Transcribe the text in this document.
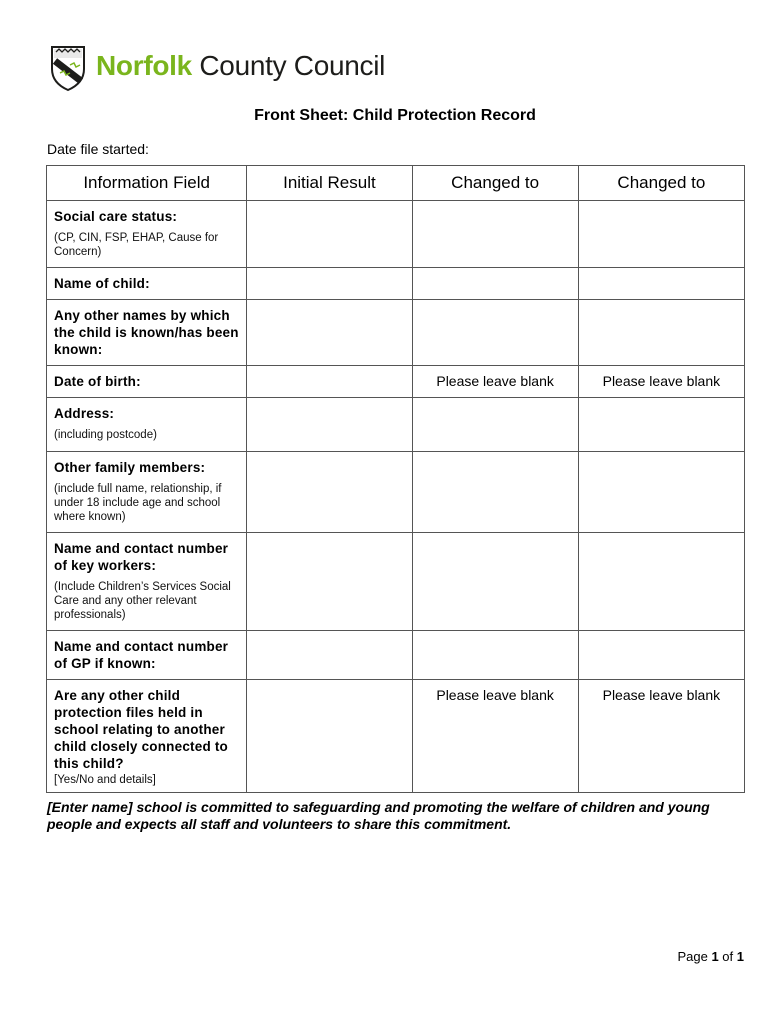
Norfolk County Council
Front Sheet: Child Protection Record
Date file started:
Information Field	Initial Result	Changed to	Changed to

Social care status:
(CP, CIN, FSP, EHAP, Cause for Concern)			

Name of child:			

Any other names by which the child is known/has been known:			

Date of birth:		Please leave blank	Please leave blank

Address:
(including postcode)			

Other family members:
(include full name, relationship, if under 18 include age and school where known)			

Name and contact number of key workers:
(Include Children’s Services Social Care and any other relevant professionals)			

Name and contact number of GP if known:			

Are any other child protection files held in school relating to another child closely connected to this child?
[Yes/No and details]		Please leave blank	Please leave blank
[Enter name] school is committed to safeguarding and promoting the welfare of children and young people and expects all staff and volunteers to share this commitment.
Page 1 of 1
